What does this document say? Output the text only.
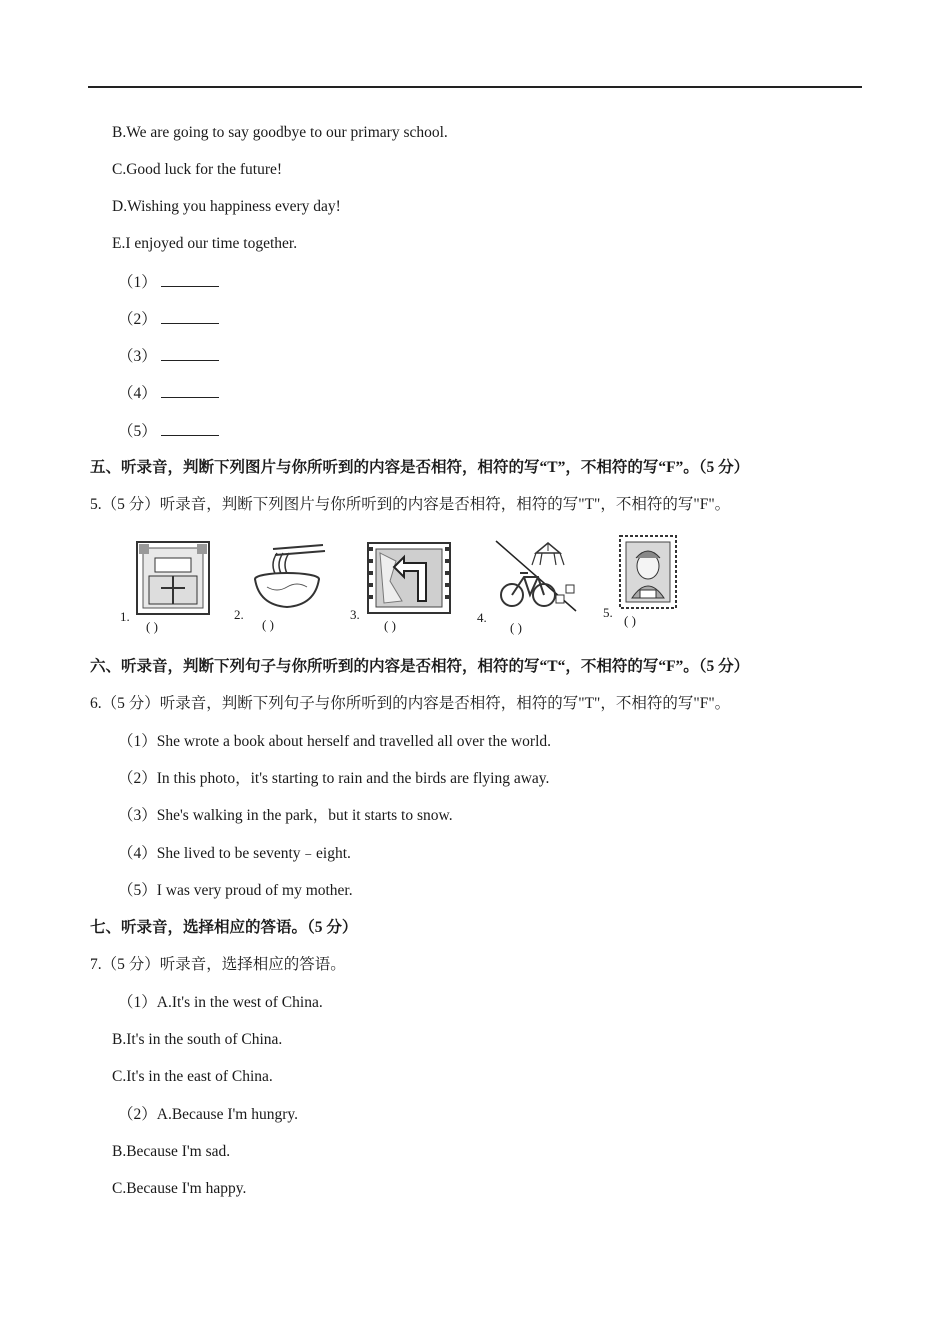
B.We are going to say goodbye to our primary school.
C.Good luck for the future!
D.Wishing you happiness every day!
E.I enjoyed our time together.
（1）
（2）
（3）
（4）
（5）
五、听录音，判断下列图片与你所听到的内容是否相符，相符的写“T”，不相符的写“F”。（5 分）
5.（5 分）听录音，判断下列图片与你所听到的内容是否相符，相符的写"T"，不相符的写"F"。
1.
( )
2.
( )
3.
( )
4.
( )
5.
( )
六、听录音，判断下列句子与你所听到的内容是否相符，相符的写“T“，不相符的写“F”。（5 分）
6.（5 分）听录音，判断下列句子与你所听到的内容是否相符，相符的写"T"，不相符的写"F"。
（1）She wrote a book about herself and travelled all over the world.
（2）In this photo，it's starting to rain and the birds are flying away.
（3）She's walking in the park，but it starts to snow.
（4）She lived to be seventy﹣eight.
（5）I was very proud of my mother.
七、听录音，选择相应的答语。（5 分）
7.（5 分）听录音，选择相应的答语。
（1）A.It's in the west of China.
B.It's in the south of China.
C.It's in the east of China.
（2）A.Because I'm hungry.
B.Because I'm sad.
C.Because I'm happy.
